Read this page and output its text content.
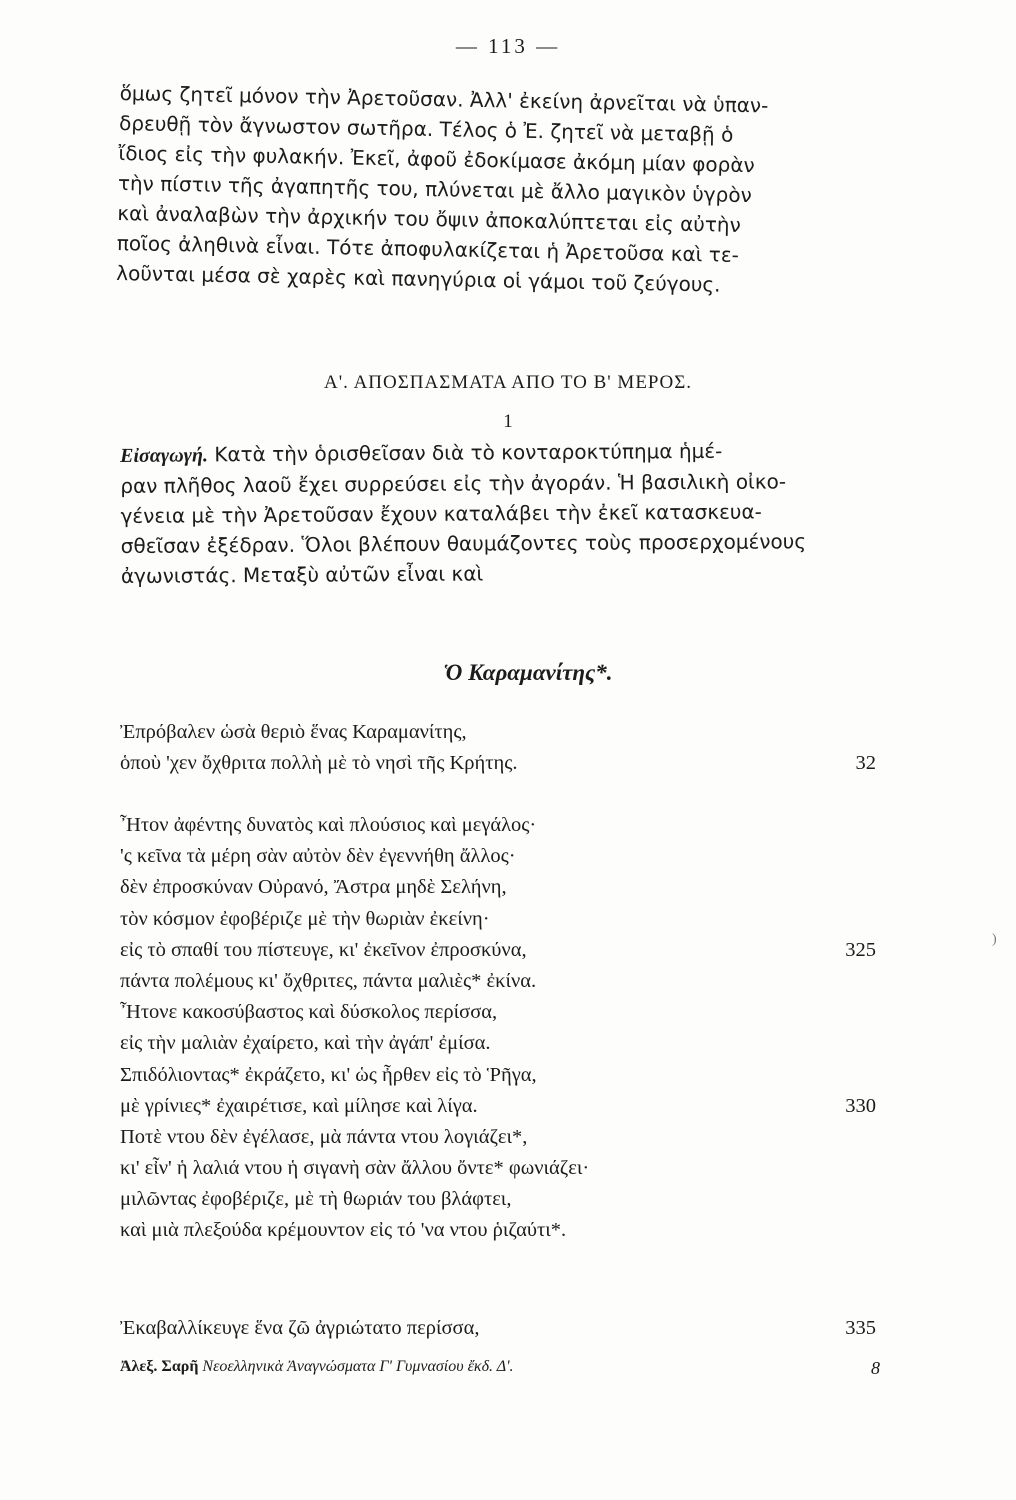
— 113 —
ὅμως ζητεῖ μόνον τὴν Ἀρετοῦσαν. Ἀλλ' ἐκείνη ἀρνεῖται νὰ ὑπαν-
δρευθῇ τὸν ἄγνωστον σωτῆρα. Τέλος ὁ Ἐ. ζητεῖ νὰ μεταβῇ ὁ
ἴδιος εἰς τὴν φυλακήν. Ἐκεῖ, ἀφοῦ ἐδοκίμασε ἀκόμη μίαν φορὰν
τὴν πίστιν τῆς ἀγαπητῆς του, πλύνεται μὲ ἄλλο μαγικὸν ὑγρὸν
καὶ ἀναλαβὼν τὴν ἀρχικήν του ὄψιν ἀποκαλύπτεται εἰς αὐτὴν
ποῖος ἀληθινὰ εἶναι. Τότε ἀποφυλακίζεται ἡ Ἀρετοῦσα καὶ τε-
λοῦνται μέσα σὲ χαρὲς καὶ πανηγύρια οἱ γάμοι τοῦ ζεύγους.
Α'. ΑΠΟΣΠΑΣΜΑΤΑ ΑΠΟ ΤΟ Β' ΜΕΡΟΣ.
1
Εἰσαγωγή. Κατὰ τὴν ὁρισθεῖσαν διὰ τὸ κονταροκτύπημα ἡμέ-
ραν πλῆθος λαοῦ ἔχει συρρεύσει εἰς τὴν ἀγοράν. Ἡ βασιλικὴ οἰκο-
γένεια μὲ τὴν Ἀρετοῦσαν ἔχουν καταλάβει τὴν ἐκεῖ κατασκευα-
σθεῖσαν ἐξέδραν. Ὅλοι βλέπουν θαυμάζοντες τοὺς προσερχομένους
ἀγωνιστάς. Μεταξὺ αὐτῶν εἶναι καὶ
Ὁ Καραμανίτης*.
Ἐπρόβαλεν ὡσὰ θεριὸ ἕνας Καραμανίτης,
ὁποὺ 'χεν ὄχθριτα πολλὴ μὲ τὸ νησὶ τῆς Κρήτης.	32
Ἦτον ἀφέντης δυνατὸς καὶ πλούσιος καὶ μεγάλος·
'ς κεῖνα τὰ μέρη σὰν αὐτὸν δὲν ἐγεννήθη ἄλλος·
δὲν ἐπροσκύναν Οὐρανό, Ἄστρα μηδὲ Σελήνη,
τὸν κόσμον ἐφοβέριζε μὲ τὴν θωριὰν ἐκείνη·
εἰς τὸ σπαθί του πίστευγε, κι' ἐκεῖνον ἐπροσκύνα,	325
πάντα πολέμους κι' ὄχθριτες, πάντα μαλιὲς* ἐκίνα.
Ἦτονε κακοσύβαστος καὶ δύσκολος περίσσα,
εἰς τὴν μαλιὰν ἐχαίρετο, καὶ τὴν ἀγάπ' ἐμίσα.
Σπιδόλιοντας* ἐκράζετο, κι' ὡς ἦρθεν εἰς τὸ Ῥῆγα,
μὲ γρίνιες* ἐχαιρέτισε, καὶ μίλησε καὶ λίγα.	330
Ποτὲ ντου δὲν ἐγέλασε, μὰ πάντα ντου λογιάζει*,
κι' εἶν' ἡ λαλιά ντου ἡ σιγανὴ σὰν ἄλλου ὄντε* φωνιάζει·
μιλῶντας ἐφοβέριζε, μὲ τὴ θωριάν του βλάφτει,
καὶ μιὰ πλεξούδα κρέμουντον εἰς τό 'να ντου ῥιζαύτι*.
Ἐκαβαλλίκευγε ἕνα ζῶ ἀγριώτατο περίσσα,	335
Ἀλεξ. Σαρῆ Νεοελληνικὰ Ἀναγνώσματα Γ' Γυμνασίου ἔκδ. Δ'.	8
)
